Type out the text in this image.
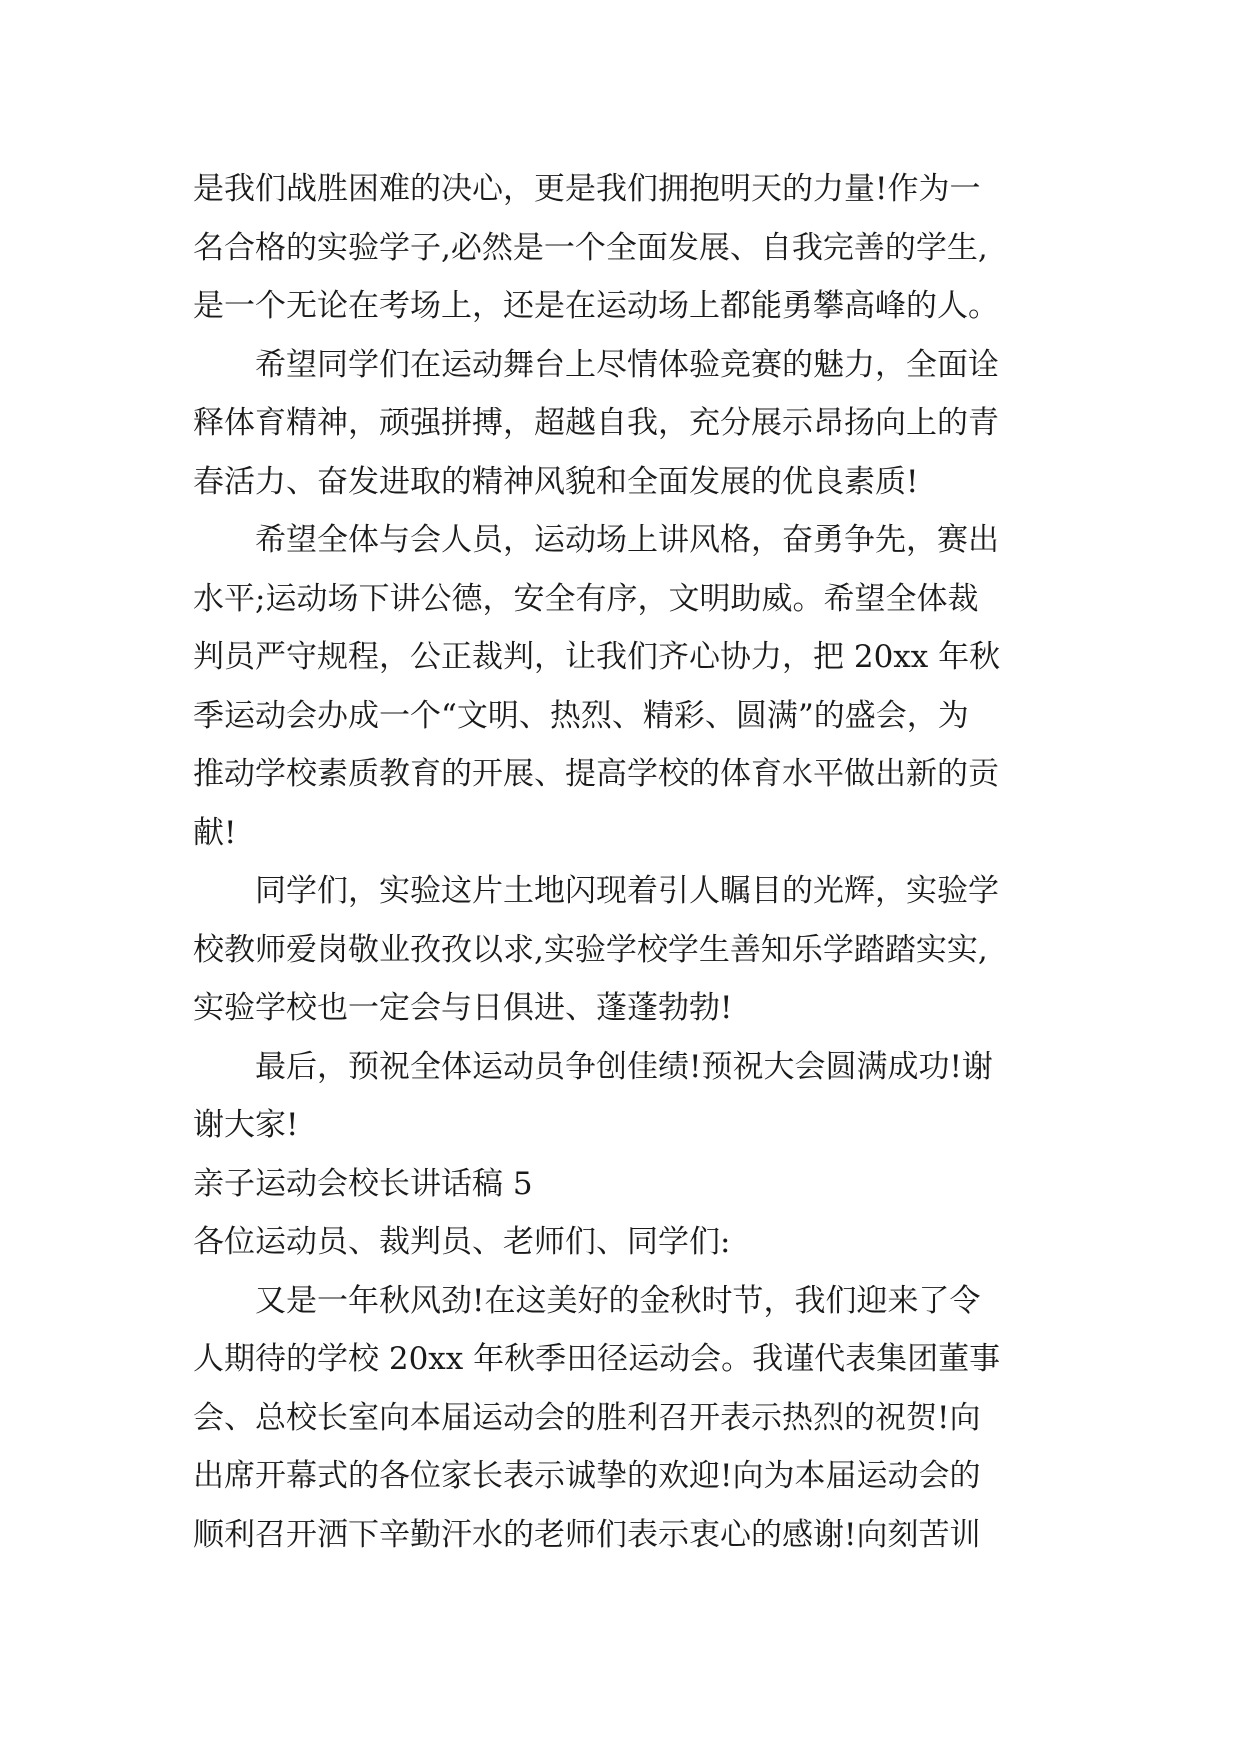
是我们战胜困难的决心，更是我们拥抱明天的力量!作为一
名合格的实验学子,必然是一个全面发展、自我完善的学生,
是一个无论在考场上，还是在运动场上都能勇攀高峰的人。

希望同学们在运动舞台上尽情体验竞赛的魅力，全面诠
释体育精神，顽强拼搏，超越自我，充分展示昂扬向上的青
春活力、奋发进取的精神风貌和全面发展的优良素质!

希望全体与会人员，运动场上讲风格，奋勇争先，赛出
水平;运动场下讲公德，安全有序，文明助威。希望全体裁
判员严守规程，公正裁判，让我们齐心协力，把 20xx 年秋
季运动会办成一个“文明、热烈、精彩、圆满”的盛会，为
推动学校素质教育的开展、提高学校的体育水平做出新的贡
献!

同学们，实验这片土地闪现着引人瞩目的光辉，实验学
校教师爱岗敬业孜孜以求,实验学校学生善知乐学踏踏实实,
实验学校也一定会与日俱进、蓬蓬勃勃!

最后，预祝全体运动员争创佳绩!预祝大会圆满成功!谢
谢大家!

亲子运动会校长讲话稿 5

各位运动员、裁判员、老师们、同学们:

又是一年秋风劲!在这美好的金秋时节，我们迎来了令
人期待的学校 20xx 年秋季田径运动会。我谨代表集团董事
会、总校长室向本届运动会的胜利召开表示热烈的祝贺!向
出席开幕式的各位家长表示诚挚的欢迎!向为本届运动会的
顺利召开洒下辛勤汗水的老师们表示衷心的感谢!向刻苦训
